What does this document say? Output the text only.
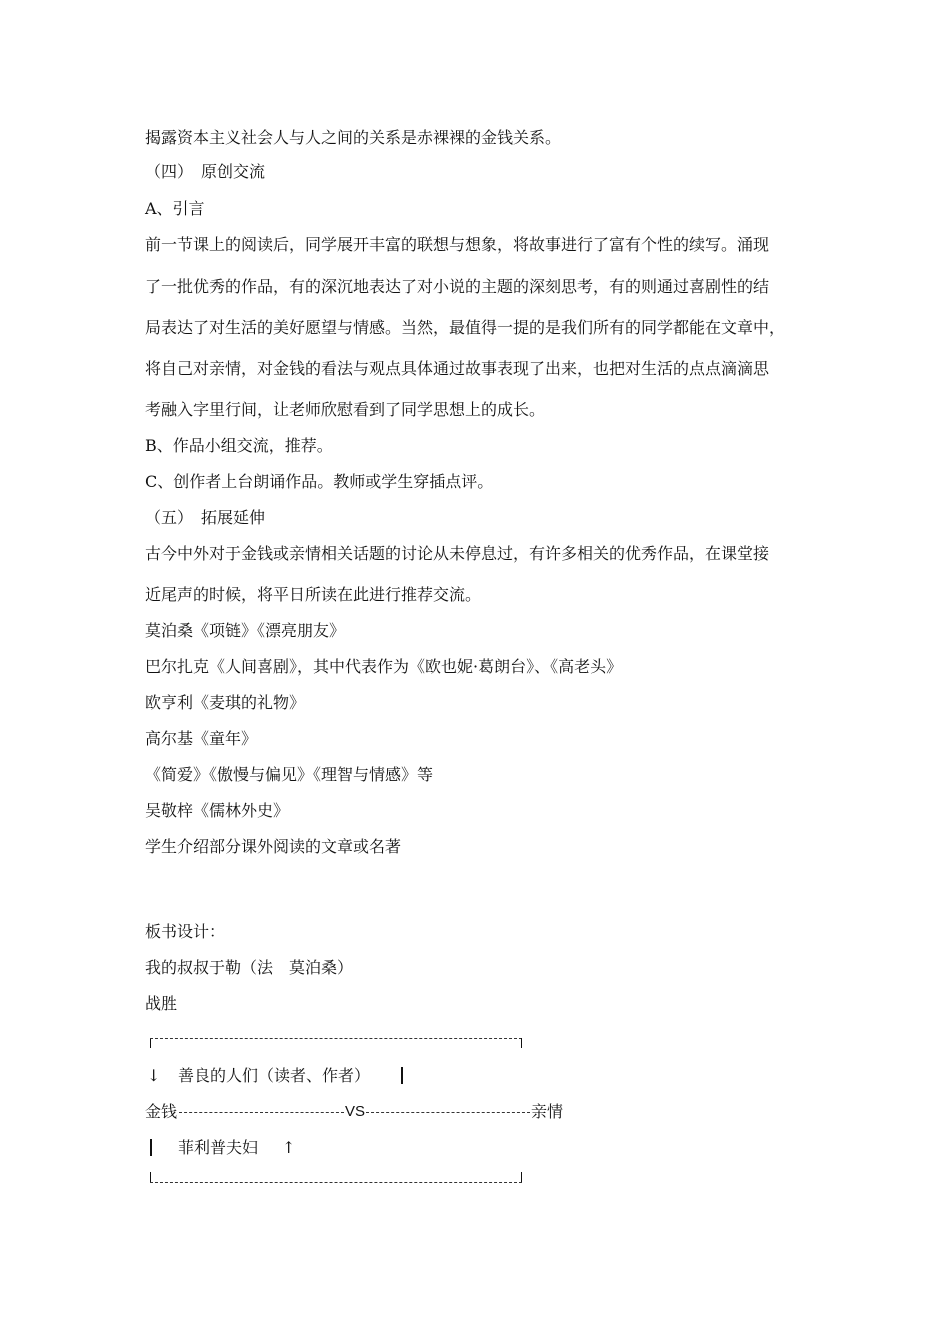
揭露资本主义社会人与人之间的关系是赤裸裸的金钱关系。
（四）　原创交流
A、引言
前一节课上的阅读后，同学展开丰富的联想与想象，将故事进行了富有个性的续写。涌现
了一批优秀的作品，有的深沉地表达了对小说的主题的深刻思考，有的则通过喜剧性的结
局表达了对生活的美好愿望与情感。当然，最值得一提的是我们所有的同学都能在文章中，
将自己对亲情，对金钱的看法与观点具体通过故事表现了出来，也把对生活的点点滴滴思
考融入字里行间，让老师欣慰看到了同学思想上的成长。
B、作品小组交流，推荐。
C、创作者上台朗诵作品。教师或学生穿插点评。
（五）　拓展延伸
古今中外对于金钱或亲情相关话题的讨论从未停息过，有许多相关的优秀作品，在课堂接
近尾声的时候，将平日所读在此进行推荐交流。
莫泊桑《项链》《漂亮朋友》
巴尔扎克《人间喜剧》，其中代表作为《欧也妮·葛朗台》、《高老头》
欧亨利《麦琪的礼物》
高尔基《童年》
《简爱》《傲慢与偏见》《理智与情感》等
吴敬梓《儒林外史》
学生介绍部分课外阅读的文章或名著
板书设计：
我的叔叔于勒（法　莫泊桑）
战胜
↓ 善良的人们（读者、作者）
金钱	VS	亲情
菲利普夫妇 ↑
